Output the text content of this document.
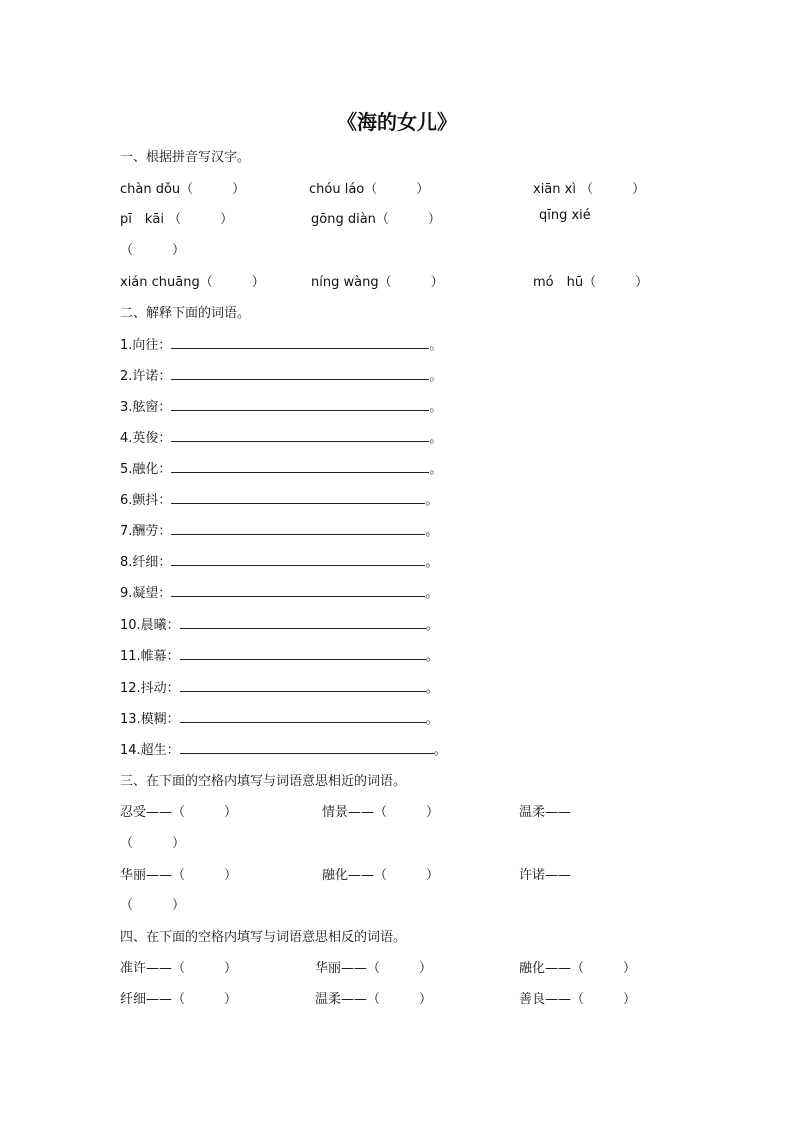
《海的女儿》
一、根据拼音写汉字。
chàn dǒu（　　　）	chóu láo（　　　）	xiān xì （　　　）
pī　kāi （　　　）	gōng diàn（　　　）	qīng xié
（　　　）
xián chuāng（　　　）	níng wàng（　　　）	mó　hū（　　　）
二、解释下面的词语。
1.向往：	。
2.许诺：	。
3.舷窗：	。
4.英俊：	。
5.融化：	。
6.颤抖：	。
7.酬劳：	。
8.纤细：	。
9.凝望：	。
10.晨曦：	。
11.帷幕：	。
12.抖动：	。
13.模糊：	。
14.超生：	。
三、在下面的空格内填写与词语意思相近的词语。
忍受——（　　　）	情景——（　　　）	温柔——
（　　　）
华丽——（　　　）	融化——（　　　）	许诺——
（　　　）
四、在下面的空格内填写与词语意思相反的词语。
准许——（　　　）	华丽——（　　　）	融化——（　　　）
纤细——（　　　）	温柔——（　　　）	善良——（　　　）
